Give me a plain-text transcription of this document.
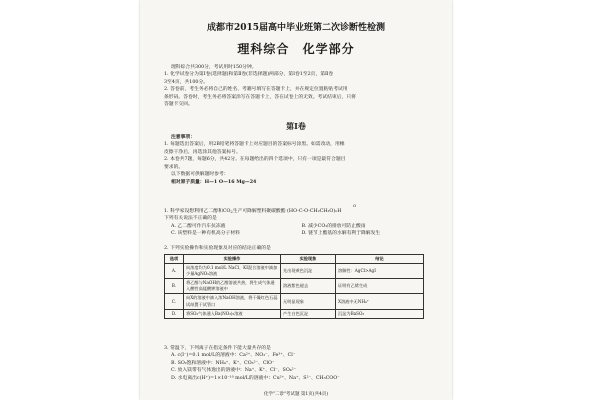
成都市2015届高中毕业班第二次诊断性检测
理科综合 化学部分
理科综合共300分，考试用时150分钟。
1. 化学试卷分为第Ⅰ卷(选择题)和第Ⅱ卷(非选择题)两部分，第Ⅰ卷1至2页，第Ⅱ卷
3至4页，共100分。
2. 答卷前，考生务必将自己的姓名、考籍号填写在答题卡上，并在规定位置粘贴考试用
条形码。答卷时，考生务必将答案涂写在答题卡上，答在试卷上的无效。考试结束后，只将
答题卡交回。
第Ⅰ卷
注意事项：
1. 每题选出答案后，用2B铅笔将答题卡上对应题目的答案标号涂黑。如需改动，用橡
皮擦干净后，再选涂其他答案标号。
2. 本卷共7题，每题6分，共42分。在每题给出的四个选项中，只有一项是最符合题目
要求的。
以下数据可供解题时参考：
相对原子质量：H—1 O—16 Mg—24
O
1. 科学家设想利用乙二醇和$CO_2$生产可降解塑料聚碳酸酯 (HO-C-O-CH₂CH₂O)ₙH
下列有关说法不正确的是
A. 乙二醇可作汽车抗冻液	B. 减少CO₂的排放可防止酸雨
C. 该塑料是一种有机高分子材料	D. 链节上酯基的水解有利于降解发生
2. 下列实验操作和实验现象及对应的结论正确的是
选项	实验操作	实验现象	结论
A.	向浓度均为0.1 mol/L NaCl、KI混合溶液中滴加少量AgNO₃溶液	先出现黄色沉淀	溶解性：AgCl>AgI
B.	将乙醇与NaOH的乙醇溶液共热，将生成气体通入酸性高锰酸钾溶液中	溶液紫色褪去	证明有乙烯生成
C.	向X的溶液中滴入浓NaOH溶液，将干燥红色石蕊试纸置于试管口	无明显现象	X溶液中无NH₄⁺
D.	将SO₂气体通入Ba(NO₃)₂溶液	产生白色沉淀	沉淀为BaSO₃
3. 常温下，下列离子在指定条件下能大量共存的是
A. c(I⁻)=0.1 mol/L的溶液中：Ca²⁺、NO₃⁻、Fe³⁺、Cl⁻
B. SO₂饱和溶液中：NH₄⁺、K⁺、CO₃²⁻、ClO⁻
C. 放入镁带有气体逸出的溶液中：Na⁺、K⁺、Cl⁻、SO₄²⁻
D. 水电离出c(H⁺)=1×10⁻¹⁰ mol/L的溶液中：Cu²⁺、Na⁺、S²⁻、CH₃COO⁻
化学"二诊"考试题 第1页(共4页)
